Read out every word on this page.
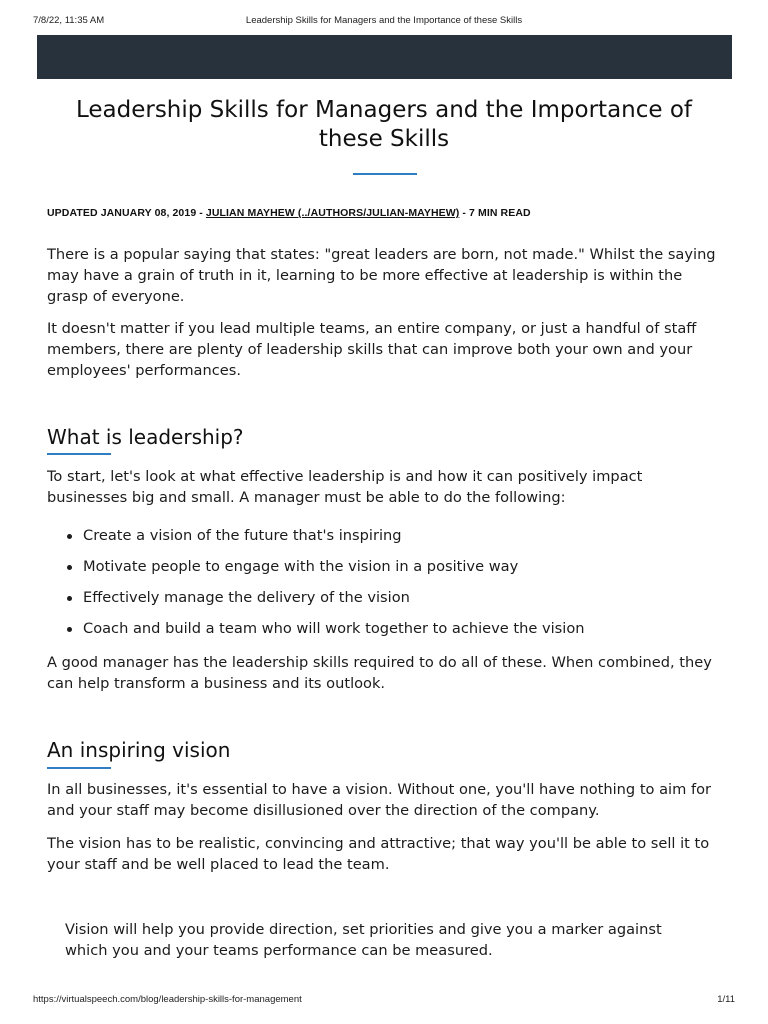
7/8/22, 11:35 AM	Leadership Skills for Managers and the Importance of these Skills
Leadership Skills for Managers and the Importance of
these Skills
UPDATED JANUARY 08, 2019 - JULIAN MAYHEW (../AUTHORS/JULIAN-MAYHEW) - 7 MIN READ

There is a popular saying that states: "great leaders are born, not made." Whilst the saying
may have a grain of truth in it, learning to be more effective at leadership is within the
grasp of everyone.

It doesn't matter if you lead multiple teams, an entire company, or just a handful of staff
members, there are plenty of leadership skills that can improve both your own and your
employees' performances.

What is leadership?

To start, let's look at what effective leadership is and how it can positively impact
businesses big and small. A manager must be able to do the following:

Create a vision of the future that's inspiring
Motivate people to engage with the vision in a positive way
Effectively manage the delivery of the vision
Coach and build a team who will work together to achieve the vision

A good manager has the leadership skills required to do all of these. When combined, they
can help transform a business and its outlook.

An inspiring vision

In all businesses, it's essential to have a vision. Without one, you'll have nothing to aim for
and your staff may become disillusioned over the direction of the company.

The vision has to be realistic, convincing and attractive; that way you'll be able to sell it to
your staff and be well placed to lead the team.

Vision will help you provide direction, set priorities and give you a marker against
which you and your teams performance can be measured.
https://virtualspeech.com/blog/leadership-skills-for-management	1/11
